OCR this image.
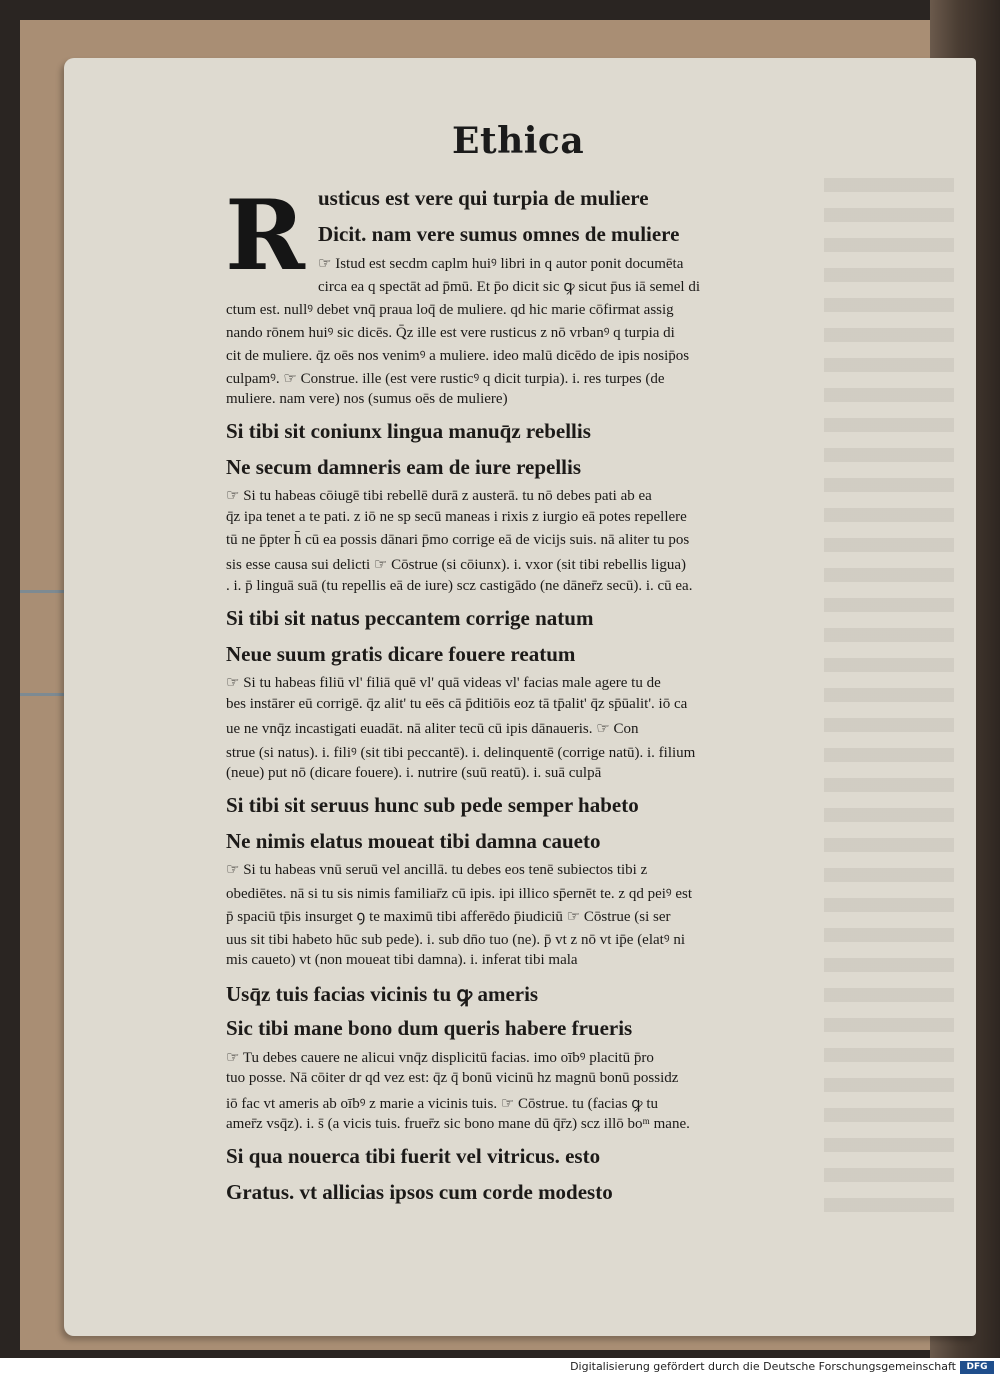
Ethica
R usticus est vere qui turpia de muliere
Dicit. nam vere sumus omnes de muliere
☞ Istud est secdm caplm huiꝰ libri in q autor ponit documēta
circa ea q spectāt ad p̄mū. Et p̄o dicit sic ꝙ sicut p̄us iā semel di
ctum est. nullꝰ debet vnq̄ praua loq̄ de muliere. qd hic marie cōfirmat assig
nando rōnem huiꝰ sic dicēs. Q̄z ille est vere rusticus z nō vrbanꝰ q turpia di
cit de muliere. q̄z oēs nos venimꝰ a muliere. ideo malū dicēdo de ipis nosip̄os
culpamꝰ. ☞ Construe. ille (est vere rusticꝰ q dicit turpia). i. res turpes (de
muliere. nam vere) nos (sumus oēs de muliere)
Si tibi sit coniunx lingua manuq̄z rebellis
Ne secum damneris eam de iure repellis
☞ Si tu habeas cōiugē tibi rebellē durā z austerā. tu nō debes pati ab ea
q̄z ipa tenet a te pati. z iō ne sp secū maneas i rixis z iurgio eā potes repellere
tū ne p̄pter h̄ cū ea possis dānari p̄mo corrige eā de vicijs suis. nā aliter tu pos
sis esse causa sui delicti ☞ Cōstrue (si cōiunx). i. vxor (sit tibi rebellis ligua)
. i. p̄ linguā suā (tu repellis eā de iure) scz castigādo (ne dāner̄z secū). i. cū ea.
Si tibi sit natus peccantem corrige natum
Neue suum gratis dicare fouere reatum
☞ Si tu habeas filiū vl' filiā quē vl' quā videas vl' facias male agere tu de
bes instārer eū corrigē. q̄z alit' tu eēs cā p̄ditiōis eoz tā tp̄alit' q̄z sp̄ūalit'. iō ca
ue ne vnq̄z incastigati euadāt. nā aliter tecū cū ipis dānaueris. ☞ Con
strue (si natus). i. filiꝰ (sit tibi peccantē). i. delinquentē (corrige natū). i. filium
(neue) put nō (dicare fouere). i. nutrire (suū reatū). i. suā culpā
Si tibi sit seruus hunc sub pede semper habeto
Ne nimis elatus moueat tibi damna caueto
☞ Si tu habeas vnū seruū vel ancillā. tu debes eos tenē subiectos tibi z
obediētes. nā si tu sis nimis familiar̄z cū ipis. ipi illico sp̄ernēt te. z qd peiꝰ est
p̄ spaciū tp̄is insurget ꝯ te maximū tibi afferēdo p̄iudiciū ☞ Cōstrue (si ser
uus sit tibi habeto hūc sub pede). i. sub dn̄o tuo (ne). p̄ vt z nō vt ip̄e (elatꝰ ni
mis caueto) vt (non moueat tibi damna). i. inferat tibi mala
Usq̄z tuis facias vicinis tu ꝙ ameris
Sic tibi mane bono dum queris habere frueris
☞ Tu debes cauere ne alicui vnq̄z displicitū facias. imo oībꝰ placitū p̄ro
tuo posse. Nā cōiter dr qd vez est: q̄z q̄ bonū vicinū hz magnū bonū possidz
iō fac vt ameris ab oībꝰ z marie a vicinis tuis. ☞ Cōstrue. tu (facias ꝙ tu
amer̄z vsq̄z). i. s̄ (a vicis tuis. fruer̄z sic bono mane dū q̄r̄z) scz illō boᵐ mane.
Si qua nouerca tibi fuerit vel vitricus. esto
Gratus. vt allicias ipsos cum corde modesto
Digitalisierung gefördert durch die Deutsche Forschungsgemeinschaft	DFG
